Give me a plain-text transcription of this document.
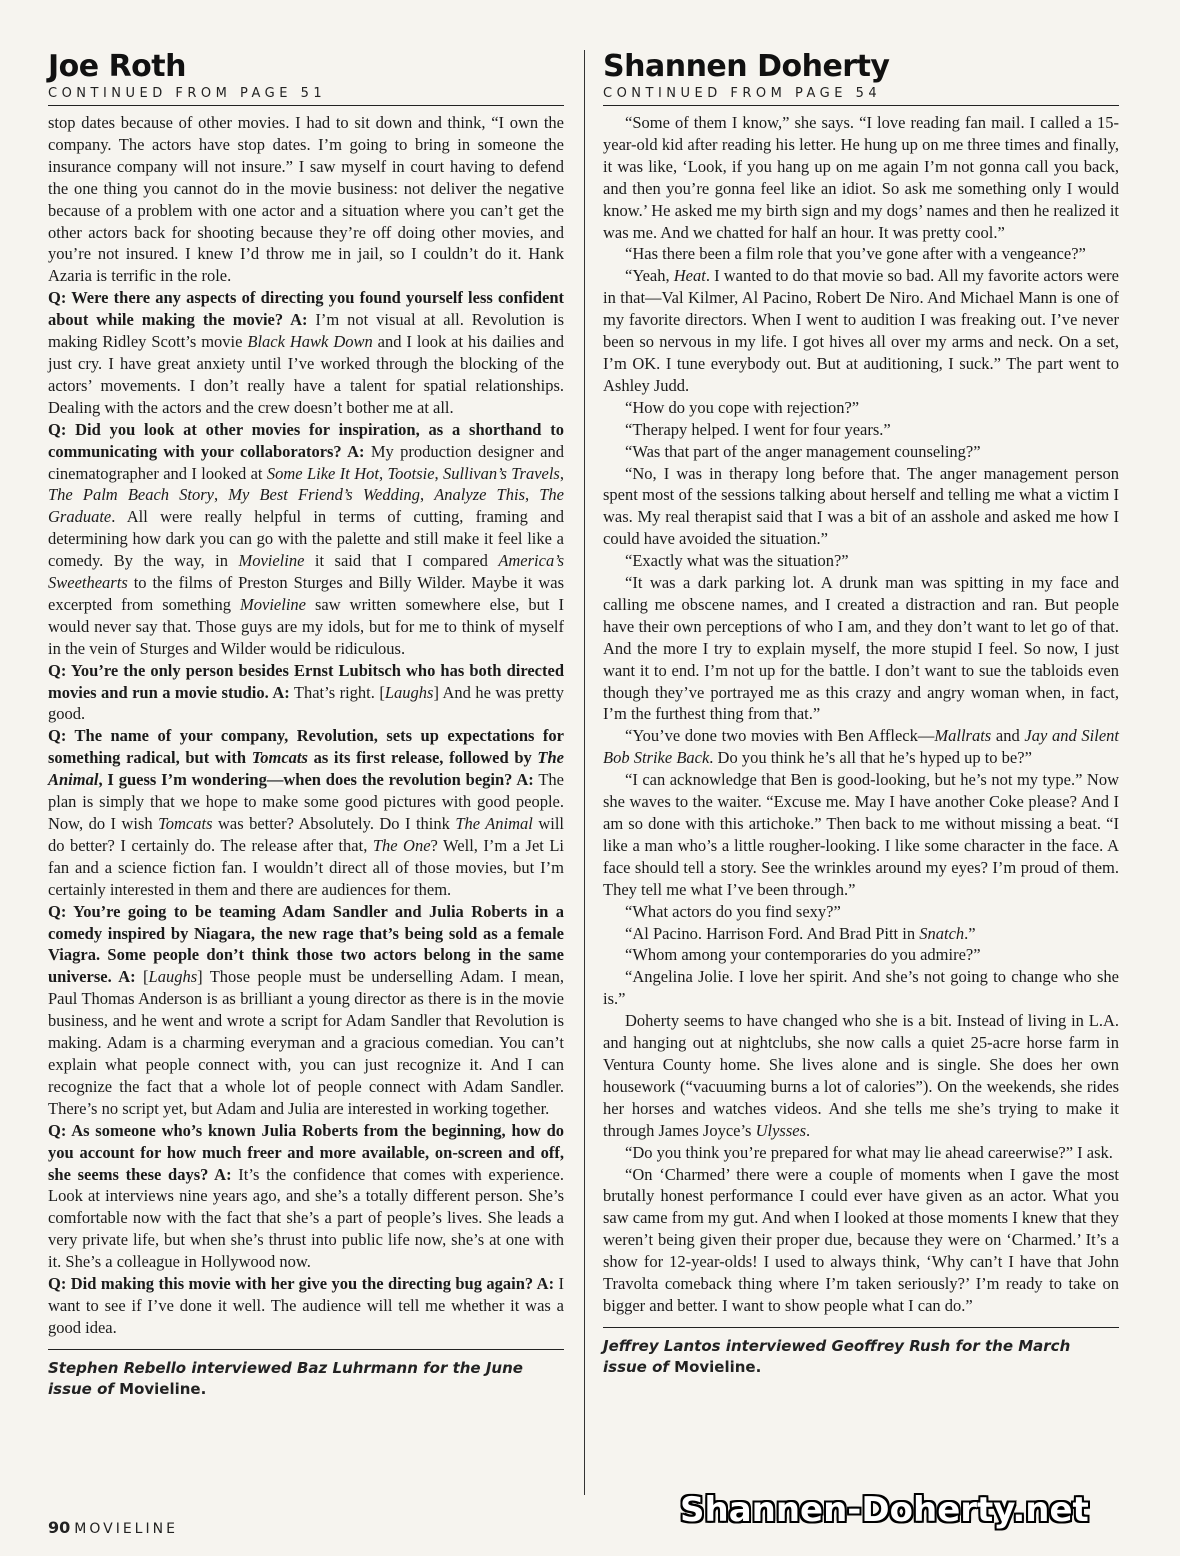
Joe Roth
CONTINUED FROM PAGE 51

stop dates because of other movies. I had to sit down and think, “I own the company. The actors have stop dates. I’m going to bring in someone the insurance company will not insure.” I saw myself in court having to defend the one thing you cannot do in the movie business: not deliver the negative because of a problem with one actor and a situation where you can’t get the other actors back for shooting because they’re off doing other movies, and you’re not insured. I knew I’d throw me in jail, so I couldn’t do it. Hank Azaria is terrific in the role.

Q: Were there any aspects of directing you found yourself less confident about while making the movie? A: I’m not visual at all. Revolution is making Ridley Scott’s movie Black Hawk Down and I look at his dailies and just cry. I have great anxiety until I’ve worked through the blocking of the actors’ movements. I don’t really have a talent for spatial relationships. Dealing with the actors and the crew doesn’t bother me at all.

Q: Did you look at other movies for inspiration, as a shorthand to communicating with your collaborators? A: My production designer and cinematographer and I looked at Some Like It Hot, Tootsie, Sullivan’s Travels, The Palm Beach Story, My Best Friend’s Wedding, Analyze This, The Graduate. All were really helpful in terms of cutting, framing and determining how dark you can go with the palette and still make it feel like a comedy. By the way, in Movieline it said that I compared America’s Sweethearts to the films of Preston Sturges and Billy Wilder. Maybe it was excerpted from something Movieline saw written somewhere else, but I would never say that. Those guys are my idols, but for me to think of myself in the vein of Sturges and Wilder would be ridiculous.

Q: You’re the only person besides Ernst Lubitsch who has both directed movies and run a movie studio. A: That’s right. [Laughs] And he was pretty good.

Q: The name of your company, Revolution, sets up expectations for something radical, but with Tomcats as its first release, followed by The Animal, I guess I’m wondering—when does the revolution begin? A: The plan is simply that we hope to make some good pictures with good people. Now, do I wish Tomcats was better? Absolutely. Do I think The Animal will do better? I certainly do. The release after that, The One? Well, I’m a Jet Li fan and a science fiction fan. I wouldn’t direct all of those movies, but I’m certainly interested in them and there are audiences for them.

Q: You’re going to be teaming Adam Sandler and Julia Roberts in a comedy inspired by Niagara, the new rage that’s being sold as a female Viagra. Some people don’t think those two actors belong in the same universe. A: [Laughs] Those people must be underselling Adam. I mean, Paul Thomas Anderson is as brilliant a young director as there is in the movie business, and he went and wrote a script for Adam Sandler that Revolution is making. Adam is a charming everyman and a gracious comedian. You can’t explain what people connect with, you can just recognize it. And I can recognize the fact that a whole lot of people connect with Adam Sandler. There’s no script yet, but Adam and Julia are interested in working together.

Q: As someone who’s known Julia Roberts from the beginning, how do you account for how much freer and more available, on-screen and off, she seems these days? A: It’s the confidence that comes with experience. Look at interviews nine years ago, and she’s a totally different person. She’s comfortable now with the fact that she’s a part of people’s lives. She leads a very private life, but when she’s thrust into public life now, she’s at one with it. She’s a colleague in Hollywood now.

Q: Did making this movie with her give you the directing bug again? A: I want to see if I’ve done it well. The audience will tell me whether it was a good idea.

Stephen Rebello interviewed Baz Luhrmann for the June issue of Movieline.
Shannen Doherty
CONTINUED FROM PAGE 54

“Some of them I know,” she says. “I love reading fan mail. I called a 15-year-old kid after reading his letter. He hung up on me three times and finally, it was like, ‘Look, if you hang up on me again I’m not gonna call you back, and then you’re gonna feel like an idiot. So ask me something only I would know.’ He asked me my birth sign and my dogs’ names and then he realized it was me. And we chatted for half an hour. It was pretty cool.”

“Has there been a film role that you’ve gone after with a vengeance?”

“Yeah, Heat. I wanted to do that movie so bad. All my favorite actors were in that—Val Kilmer, Al Pacino, Robert De Niro. And Michael Mann is one of my favorite directors. When I went to audition I was freaking out. I’ve never been so nervous in my life. I got hives all over my arms and neck. On a set, I’m OK. I tune everybody out. But at auditioning, I suck.” The part went to Ashley Judd.

“How do you cope with rejection?”

“Therapy helped. I went for four years.”

“Was that part of the anger management counseling?”

“No, I was in therapy long before that. The anger management person spent most of the sessions talking about herself and telling me what a victim I was. My real therapist said that I was a bit of an asshole and asked me how I could have avoided the situation.”

“Exactly what was the situation?”

“It was a dark parking lot. A drunk man was spitting in my face and calling me obscene names, and I created a distraction and ran. But people have their own perceptions of who I am, and they don’t want to let go of that. And the more I try to explain myself, the more stupid I feel. So now, I just want it to end. I’m not up for the battle. I don’t want to sue the tabloids even though they’ve portrayed me as this crazy and angry woman when, in fact, I’m the furthest thing from that.”

“You’ve done two movies with Ben Affleck—Mallrats and Jay and Silent Bob Strike Back. Do you think he’s all that he’s hyped up to be?”

“I can acknowledge that Ben is good-looking, but he’s not my type.” Now she waves to the waiter. “Excuse me. May I have another Coke please? And I am so done with this artichoke.” Then back to me without missing a beat. “I like a man who’s a little rougher-looking. I like some character in the face. A face should tell a story. See the wrinkles around my eyes? I’m proud of them. They tell me what I’ve been through.”

“What actors do you find sexy?”

“Al Pacino. Harrison Ford. And Brad Pitt in Snatch.”

“Whom among your contemporaries do you admire?”

“Angelina Jolie. I love her spirit. And she’s not going to change who she is.”

Doherty seems to have changed who she is a bit. Instead of living in L.A. and hanging out at nightclubs, she now calls a quiet 25-acre horse farm in Ventura County home. She lives alone and is single. She does her own housework (“vacuuming burns a lot of calories”). On the weekends, she rides her horses and watches videos. And she tells me she’s trying to make it through James Joyce’s Ulysses.

“Do you think you’re prepared for what may lie ahead careerwise?” I ask.

“On ‘Charmed’ there were a couple of moments when I gave the most brutally honest performance I could ever have given as an actor. What you saw came from my gut. And when I looked at those moments I knew that they weren’t being given their proper due, because they were on ‘Charmed.’ It’s a show for 12-year-olds! I used to always think, ‘Why can’t I have that John Travolta comeback thing where I’m taken seriously?’ I’m ready to take on bigger and better. I want to show people what I can do.”

Jeffrey Lantos interviewed Geoffrey Rush for the March issue of Movieline.
90 MOVIELINE	Shannen-Doherty.net
